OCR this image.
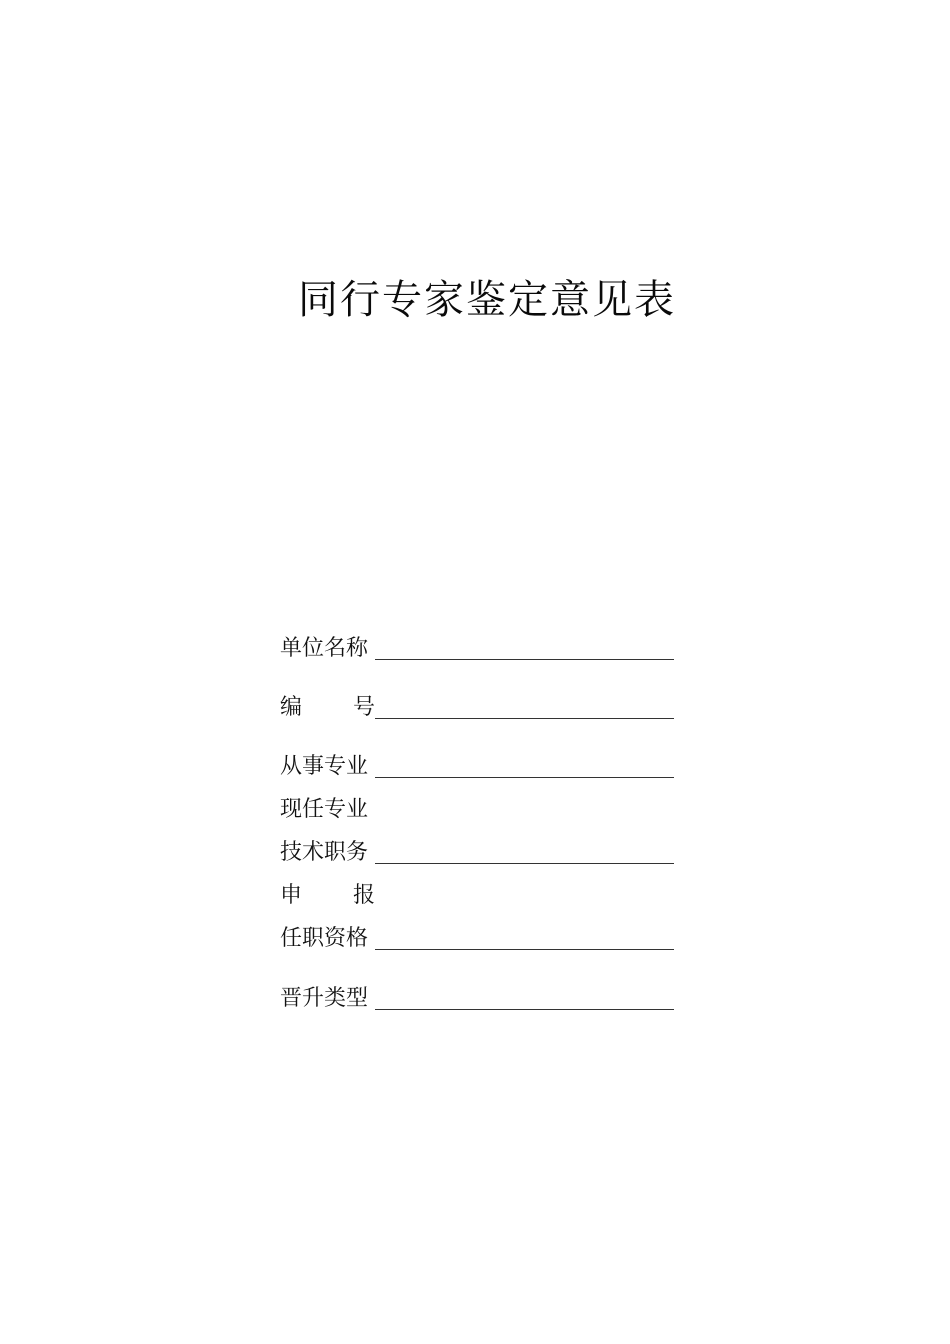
同行专家鉴定意见表
单位名称
编 号
从事专业
现任专业
技术职务
申 报
任职资格
晋升类型
